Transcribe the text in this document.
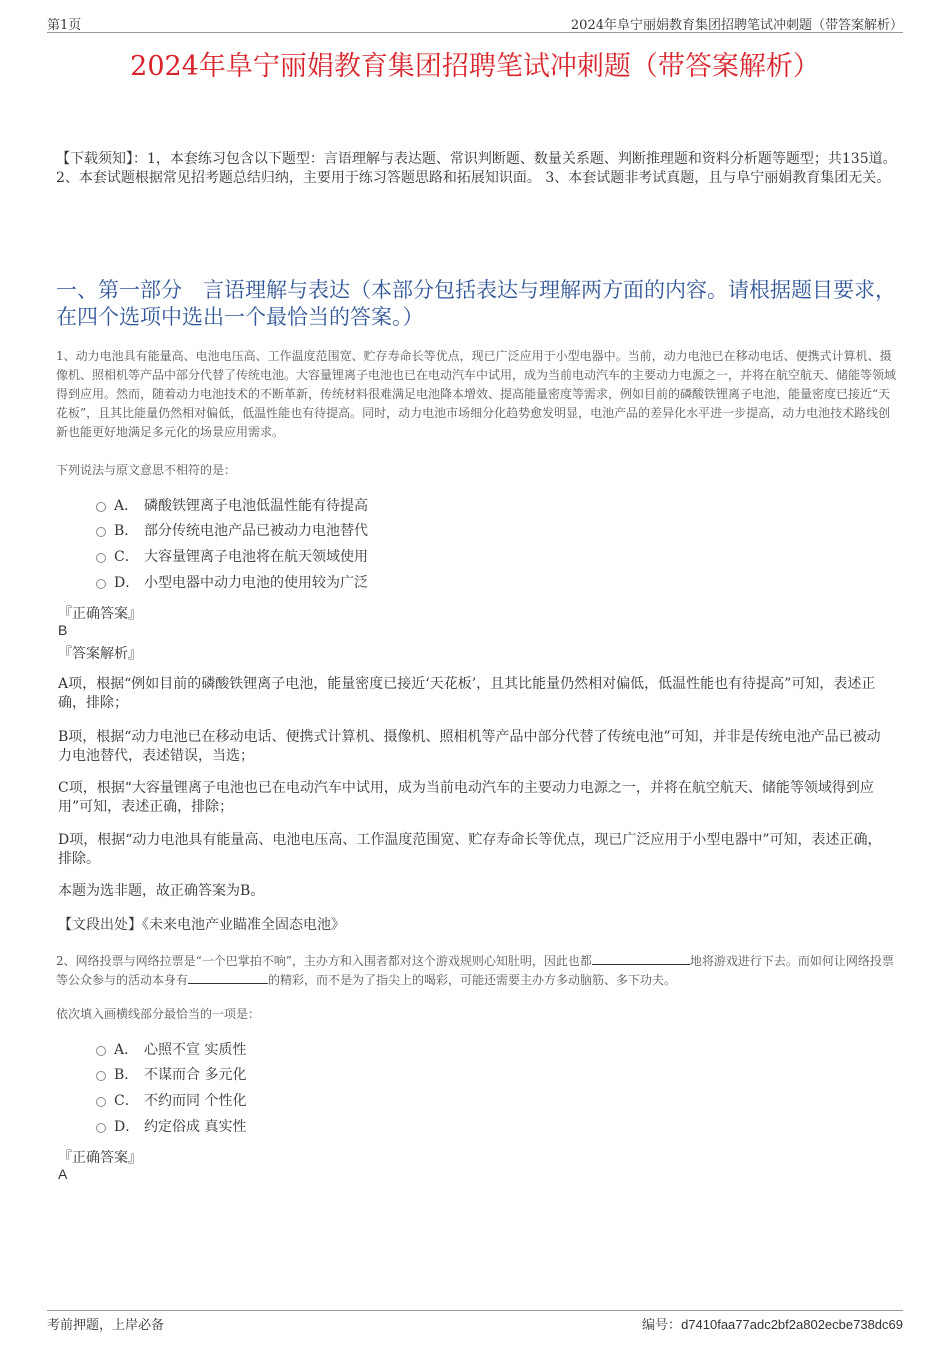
第1页	2024年阜宁丽娟教育集团招聘笔试冲刺题（带答案解析）
2024年阜宁丽娟教育集团招聘笔试冲刺题（带答案解析）
【下载须知】：1，本套练习包含以下题型：言语理解与表达题、常识判断题、数量关系题、判断推理题和资料分析题等题型；共135道。 2、本套试题根据常见招考题总结归纳，主要用于练习答题思路和拓展知识面。 3、本套试题非考试真题，且与阜宁丽娟教育集团无关。
一、第一部分　言语理解与表达（本部分包括表达与理解两方面的内容。请根据题目要求，在四个选项中选出一个最恰当的答案。）
1、动力电池具有能量高、电池电压高、工作温度范围宽、贮存寿命长等优点，现已广泛应用于小型电器中。当前，动力电池已在移动电话、便携式计算机、摄像机、照相机等产品中部分代替了传统电池。大容量锂离子电池也已在电动汽车中试用，成为当前电动汽车的主要动力电源之一，并将在航空航天、储能等领域得到应用。然而，随着动力电池技术的不断革新，传统材料很难满足电池降本增效、提高能量密度等需求，例如目前的磷酸铁锂离子电池，能量密度已接近“天花板”，且其比能量仍然相对偏低，低温性能也有待提高。同时，动力电池市场细分化趋势愈发明显，电池产品的差异化水平进一步提高，动力电池技术路线创新也能更好地满足多元化的场景应用需求。
下列说法与原文意思不相符的是：
A． 磷酸铁锂离子电池低温性能有待提高
B． 部分传统电池产品已被动力电池替代
C． 大容量锂离子电池将在航天领域使用
D． 小型电器中动力电池的使用较为广泛
『正确答案』
B
『答案解析』
A项，根据“例如目前的磷酸铁锂离子电池，能量密度已接近‘天花板’，且其比能量仍然相对偏低，低温性能也有待提高”可知，表述正确，排除；
B项，根据“动力电池已在移动电话、便携式计算机、摄像机、照相机等产品中部分代替了传统电池”可知，并非是传统电池产品已被动力电池替代，表述错误，当选；
C项，根据“大容量锂离子电池也已在电动汽车中试用，成为当前电动汽车的主要动力电源之一，并将在航空航天、储能等领域得到应用”可知，表述正确，排除；
D项，根据“动力电池具有能量高、电池电压高、工作温度范围宽、贮存寿命长等优点，现已广泛应用于小型电器中”可知，表述正确，排除。
本题为选非题，故正确答案为B。
【文段出处】《未来电池产业瞄准全固态电池》
2、网络投票与网络拉票是“一个巴掌拍不响”，主办方和入围者都对这个游戏规则心知肚明，因此也都	地将游戏进行下去。而如何让网络投票等公众参与的活动本身有	的精彩，而不是为了指尖上的喝彩，可能还需要主办方多动脑筋、多下功夫。
依次填入画横线部分最恰当的一项是：
A． 心照不宣 实质性
B． 不谋而合 多元化
C． 不约而同 个性化
D． 约定俗成 真实性
『正确答案』
A
考前押题，上岸必备	编号：d7410faa77adc2bf2a802ecbe738dc69
